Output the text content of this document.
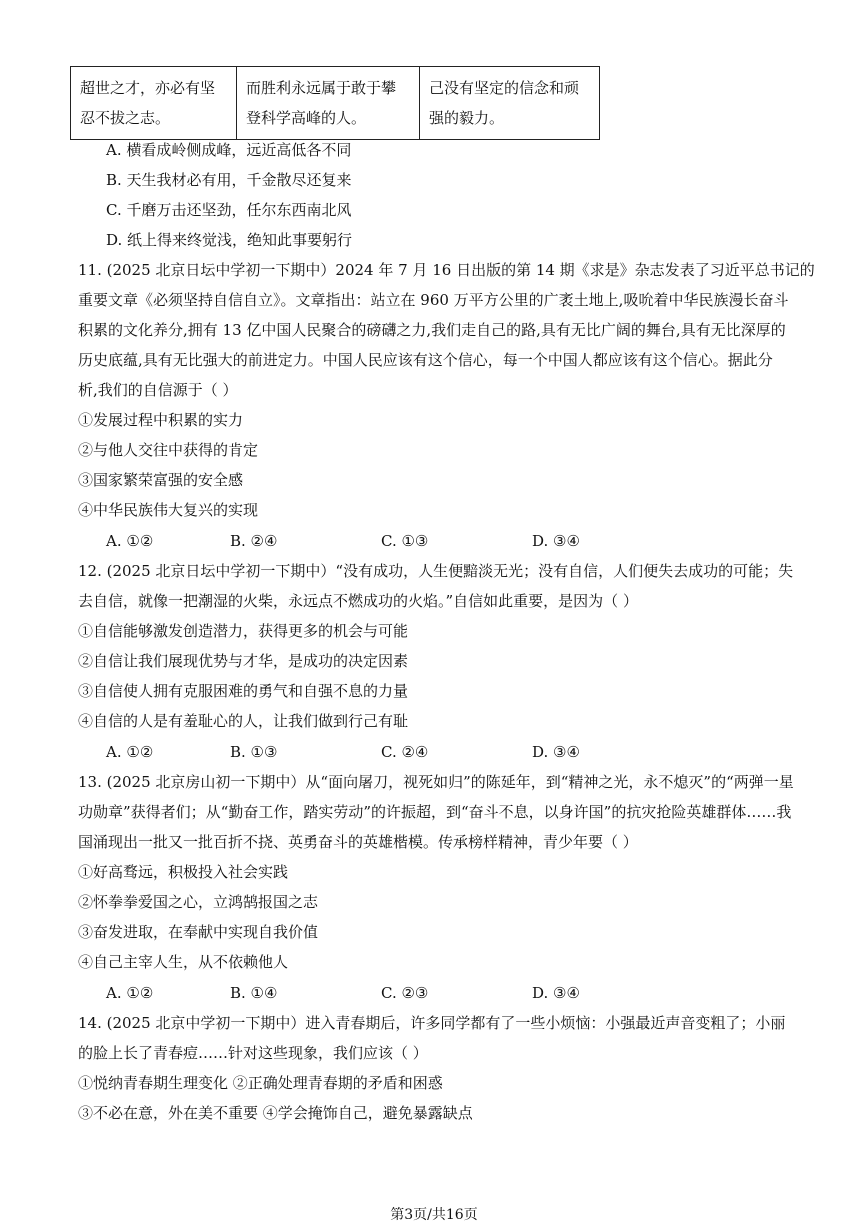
超世之才，亦必有坚忍不拔之志。	而胜利永远属于敢于攀登科学高峰的人。	己没有坚定的信念和顽强的毅力。
A. 横看成岭侧成峰，远近高低各不同
B. 天生我材必有用，千金散尽还复来
C. 千磨万击还坚劲，任尔东西南北风
D. 纸上得来终觉浅，绝知此事要躬行
11. (2025 北京日坛中学初一下期中）2024 年 7 月 16 日出版的第 14 期《求是》杂志发表了习近平总书记的
重要文章《必须坚持自信自立》。文章指出：站立在 960 万平方公里的广袤土地上,吸吮着中华民族漫长奋斗
积累的文化养分,拥有 13 亿中国人民聚合的磅礴之力,我们走自己的路,具有无比广阔的舞台,具有无比深厚的
历史底蕴,具有无比强大的前进定力。中国人民应该有这个信心，每一个中国人都应该有这个信心。据此分
析,我们的自信源于（ ）
①发展过程中积累的实力
②与他人交往中获得的肯定
③国家繁荣富强的安全感
④中华民族伟大复兴的实现
A. ①②	B. ②④	C. ①③	D. ③④
12. (2025 北京日坛中学初一下期中）“没有成功，人生便黯淡无光；没有自信，人们便失去成功的可能；失
去自信，就像一把潮湿的火柴，永远点不燃成功的火焰。”自信如此重要，是因为（ ）
①自信能够激发创造潜力，获得更多的机会与可能
②自信让我们展现优势与才华，是成功的决定因素
③自信使人拥有克服困难的勇气和自强不息的力量
④自信的人是有羞耻心的人，让我们做到行己有耻
A. ①②	B. ①③	C. ②④	D. ③④
13. (2025 北京房山初一下期中）从“面向屠刀，视死如归”的陈延年，到“精神之光，永不熄灭”的“两弹一星
功勋章”获得者们；从“勤奋工作，踏实劳动”的许振超，到“奋斗不息，以身许国”的抗灾抢险英雄群体……我
国涌现出一批又一批百折不挠、英勇奋斗的英雄楷模。传承榜样精神，青少年要（ ）
①好高骛远，积极投入社会实践
②怀拳拳爱国之心，立鸿鹄报国之志
③奋发进取，在奉献中实现自我价值
④自己主宰人生，从不依赖他人
A. ①②	B. ①④	C. ②③	D. ③④
14. (2025 北京中学初一下期中）进入青春期后，许多同学都有了一些小烦恼：小强最近声音变粗了；小丽
的脸上长了青春痘……针对这些现象，我们应该（ ）
①悦纳青春期生理变化 ②正确处理青春期的矛盾和困惑
③不必在意，外在美不重要 ④学会掩饰自己，避免暴露缺点
第3页/共16页
